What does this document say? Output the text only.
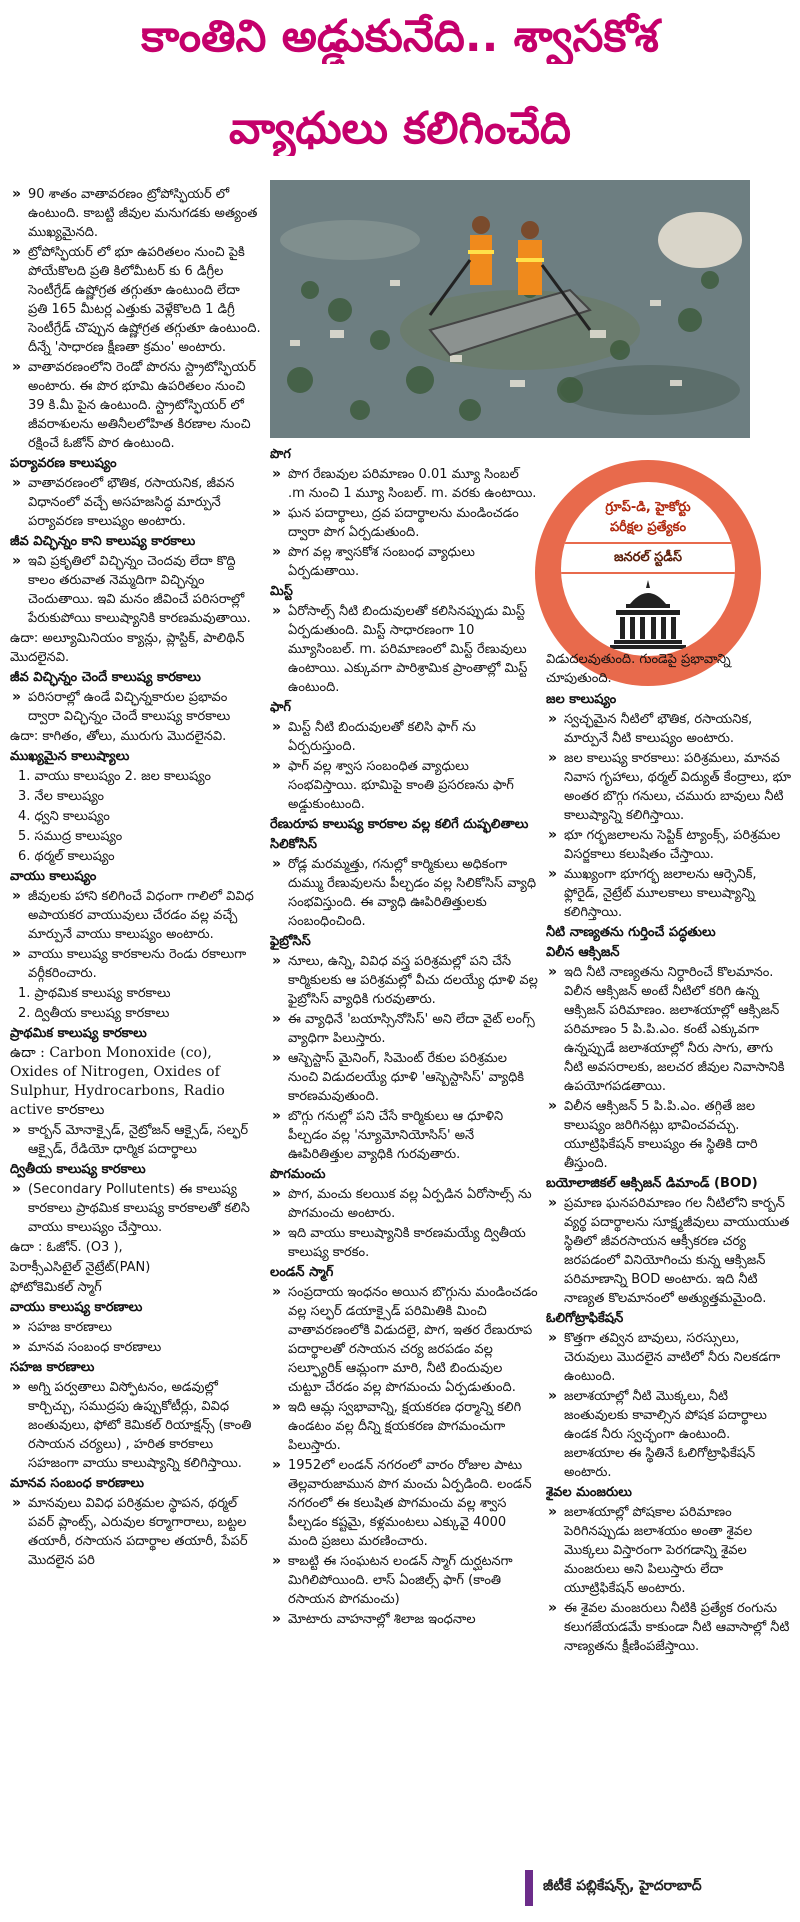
కాంతిని అడ్డుకునేది.. శ్వాసకోశ
వ్యాధులు కలిగించేది
గ్రూప్-డి, హైకోర్టు
పరీక్షల ప్రత్యేకం
జనరల్ స్టడీస్

» 90 శాతం వాతావరణం ట్రోపోస్ఫియర్ లో ఉంటుంది. కాబట్టి జీవుల మనుగడకు అత్యంత ముఖ్యమైనది.

» ట్రోపోస్ఫియర్ లో భూ ఉపరితలం నుంచి పైకి పోయేకొలది ప్రతి కిలోమీటర్ కు 6 డిగ్రీల సెంటీగ్రేడ్ ఉష్ణోగ్రత తగ్గుతూ ఉంటుంది లేదా ప్రతి 165 మీటర్ల ఎత్తుకు వెళ్లేకొలది 1 డిగ్రీ సెంటీగ్రేడ్ చొప్పున ఉష్ణోగ్రత తగ్గుతూ ఉంటుంది. దీన్నే 'సాధారణ క్షీణతా క్రమం' అంటారు.

» వాతావరణంలోని రెండో పొరను స్ట్రాటోస్ఫియర్ అంటారు. ఈ పొర భూమి ఉపరితలం నుంచి 39 కి.మీ పైన ఉంటుంది. స్ట్రాటోస్ఫియర్ లో జీవరాశులను అతినీలలోహిత కిరణాల నుంచి రక్షించే ఓజోన్ పొర ఉంటుంది.

పర్యావరణ కాలుష్యం

» వాతావరణంలో భౌతిక, రసాయనిక, జీవన విధానంలో వచ్చే అసహజసిద్ధ మార్పునే పర్యావరణ కాలుష్యం అంటారు.

జీవ విచ్ఛిన్నం కాని కాలుష్య కారకాలు

» ఇవి ప్రకృతిలో విచ్ఛిన్నం చెందవు లేదా కొద్ది కాలం తరువాత నెమ్మదిగా విచ్ఛిన్నం చెందుతాయి. ఇవి మనం జీవించే పరిసరాల్లో పేరుకుపోయి కాలుష్యానికి కారణమవుతాయి.

ఉదా: అల్యూమినియం క్యాన్లు, ప్లాస్టిక్, పాలిథిన్ మొదలైనవి.

జీవ విచ్ఛిన్నం చెందే కాలుష్య కారకాలు

» పరిసరాల్లో ఉండే విచ్ఛిన్నకారుల ప్రభావం ద్వారా విచ్ఛిన్నం చెందే కాలుష్య కారకాలు

ఉదా: కాగితం, తోలు, మురుగు మొదలైనవి.

ముఖ్యమైన కాలుష్యాలు

1. వాయు కాలుష్యం 2. జల కాలుష్యం

3. నేల కాలుష్యం

4. ధ్వని కాలుష్యం

5. సముద్ర కాలుష్యం

6. థర్మల్ కాలుష్యం

వాయు కాలుష్యం

» జీవులకు హాని కలిగించే విధంగా గాలిలో వివిధ అపాయకర వాయువులు చేరడం వల్ల వచ్చే మార్పునే వాయు కాలుష్యం అంటారు.

» వాయు కాలుష్య కారకాలను రెండు రకాలుగా వర్గీకరించారు.

1. ప్రాథమిక కాలుష్య కారకాలు

2. ద్వితీయ కాలుష్య కారకాలు

ప్రాథమిక కాలుష్య కారకాలు

ఉదా : Carbon Monoxide (co), Oxides of Nitrogen, Oxides of Sulphur, Hydrocarbons, Radio active కారకాలు

» కార్బన్ మోనాక్సైడ్, నైట్రోజన్ ఆక్సైడ్, సల్ఫర్ ఆక్సైడ్, రేడియో ధార్మిక పదార్థాలు

ద్వితీయ కాలుష్య కారకాలు

» (Secondary Pollutents) ఈ కాలుష్య కారకాలు ప్రాథమిక కాలుష్య కారకాలతో కలిసి వాయు కాలుష్యం చేస్తాయి.

ఉదా : ఓజోన్. (O3 ),

పెరాక్సీఎసిటైల్ నైట్రేట్(PAN)

ఫోటోకెమికల్ స్మాగ్

వాయు కాలుష్య కారణాలు

» సహజ కారణాలు

» మానవ సంబంధ కారణాలు

సహజ కారణాలు

» అగ్ని పర్వతాలు విస్ఫోటనం, అడవుల్లో కార్చిచ్చు, సముద్రపు ఉప్పుకోటీర్లు, వివిధ జంతువులు, ఫోటో కెమికల్ రియాక్షన్స్ (కాంతి రసాయన చర్యలు) , హరిత కారకాలు సహజంగా వాయు కాలుష్యాన్ని కలిగిస్తాయి.

మానవ సంబంధ కారణాలు

» మానవులు వివిధ పరిశ్రమల స్థాపన, థర్మల్ పవర్ ప్లాంట్స్, ఎరువుల కర్మాగారాలు, బట్టల తయారీ, రసాయన పదార్థాల తయారీ, పేపర్ మొదలైన పరి

పొగ

» పొగ రేణువుల పరిమాణం 0.01 మ్యూ సింబల్ .m నుంచి 1 మ్యూ సింబల్. m. వరకు ఉంటాయి.

» ఘన పదార్థాలు, ద్రవ పదార్థాలను మండించడం ద్వారా పొగ ఏర్పడుతుంది.

» పొగ వల్ల శ్వాసకోశ సంబంధ వ్యాధులు ఏర్పడుతాయి.

మిస్ట్

» ఏరోసాల్స్ నీటి బిందువులతో కలిసినప్పుడు మిస్ట్ ఏర్పడుతుంది. మిస్ట్ సాధారణంగా 10 మ్యూసింబల్. m. పరిమాణంలో మిస్ట్ రేణువులు ఉంటాయి. ఎక్కువగా పారిశ్రామిక ప్రాంతాల్లో మిస్ట్ ఉంటుంది.

ఫాగ్

» మిస్ట్ నీటి బిందువులతో కలిసి ఫాగ్ ను ఏర్పరుస్తుంది.

» ఫాగ్ వల్ల శ్వాస సంబంధిత వ్యాధులు సంభవిస్తాయి. భూమిపై కాంతి ప్రసరణను ఫాగ్ అడ్డుకుంటుంది.

రేణురూప కాలుష్య కారకాల వల్ల కలిగే దుష్ఫలితాలు

సిలికోసిస్

» రోడ్ల మరమ్మత్తు, గనుల్లో కార్మికులు అధికంగా దుమ్ము రేణువులను పీల్చడం వల్ల సిలికోసిస్ వ్యాధి సంభవిస్తుంది. ఈ వ్యాధి ఊపిరితిత్తులకు సంబంధించింది.

ఫైబ్రోసిస్

» నూలు, ఉన్ని, వివిధ వస్త్ర పరిశ్రమల్లో పని చేసే కార్మికులకు ఆ పరిశ్రమల్లో వీచు దలయ్యే ధూళి వల్ల ఫైబ్రోసిస్ వ్యాధికి గురవుతారు.

» ఈ వ్యాధినే 'బయాస్సినోసిస్' అని లేదా వైట్ లంగ్స్ వ్యాధిగా పిలుస్తారు.

» ఆస్బెస్టాస్ మైనింగ్, సిమెంట్ రేకుల పరిశ్రమల నుంచి విడుదలయ్యే ధూళి 'ఆస్బెస్టాసిస్' వ్యాధికి కారణమవుతుంది.

» బొగ్గు గనుల్లో పని చేసే కార్మికులు ఆ ధూళిని పీల్చడం వల్ల 'న్యూమోనియోసిస్' అనే ఊపిరితిత్తుల వ్యాధికి గురవుతారు.

పొగమంచు

» పొగ, మంచు కలయిక వల్ల ఏర్పడిన ఏరోసాల్స్ ను పొగమంచు అంటారు.

» ఇది వాయు కాలుష్యానికి కారణమయ్యే ద్వితీయ కాలుష్య కారకం.

లండన్ స్మాగ్

» సంప్రదాయ ఇంధనం అయిన బొగ్గును మండించడం వల్ల సల్ఫర్ డయాక్సైడ్ పరిమితికి మించి వాతావరణంలోకి విడుదలై, పొగ, ఇతర రేణురూప పదార్థాలతో రసాయన చర్య జరపడం వల్ల సల్ఫ్యూరిక్ ఆమ్లంగా మారి, నీటి బిందువుల చుట్టూ చేరడం వల్ల పొగమంచు ఏర్పడుతుంది.

» ఇది ఆమ్ల స్వభావాన్ని, క్షయకరణ ధర్మాన్ని కలిగి ఉండటం వల్ల దీన్ని క్షయకరణ పొగమంచుగా పిలుస్తారు.

» 1952లో లండన్ నగరంలో వారం రోజుల పాటు తెల్లవారుజామున పొగ మంచు ఏర్పడింది. లండన్ నగరంలో ఈ కలుషిత పొగమంచు వల్ల శ్వాస పీల్చడం కష్టమై, కళ్లమంటలు ఎక్కువై 4000 మంది ప్రజలు మరణించారు.

» కాబట్టి ఈ సంఘటన లండన్ స్మాగ్ దుర్ఘటనగా మిగిలిపోయింది. లాస్ ఏంజిల్స్ ఫాగ్ (కాంతి రసాయన పొగమంచు)

» మోటారు వాహనాల్లో శిలాజ ఇంధనాల

విడుదలవుతుంది. గుండెపై ప్రభావాన్ని చూపుతుంది.

జల కాలుష్యం

» స్వచ్ఛమైన నీటిలో భౌతిక, రసాయనిక, మార్పునే నీటి కాలుష్యం అంటారు.

» జల కాలుష్య కారకాలు: పరిశ్రమలు, మానవ నివాస గృహాలు, థర్మల్ విద్యుత్ కేంద్రాలు, భూ అంతర బొగ్గు గనులు, చమురు బావులు నీటి కాలుష్యాన్ని కలిగిస్తాయి.

» భూ గర్భజలాలను సెప్టిక్ ట్యాంక్స్, పరిశ్రమల విసర్జకాలు కలుషితం చేస్తాయి.

» ముఖ్యంగా భూగర్భ జలాలను ఆర్సెనిక్, ఫ్లోరైడ్, నైట్రేట్ మూలకాలు కాలుష్యాన్ని కలిగిస్తాయి.

నీటి నాణ్యతను గుర్తించే పద్ధతులు

విలీన ఆక్సిజన్

» ఇది నీటి నాణ్యతను నిర్ధారించే కొలమానం. విలీన ఆక్సిజన్ అంటే నీటిలో కరిగి ఉన్న ఆక్సిజన్ పరిమాణం. జలాశయాల్లో ఆక్సిజన్ పరిమాణం 5 పి.పి.ఎం. కంటే ఎక్కువగా ఉన్నప్పుడే జలాశయాల్లో నీరు సాగు, తాగు నీటి అవసరాలకు, జలచర జీవుల నివాసానికి ఉపయోగపడతాయి.

» విలీన ఆక్సిజన్ 5 పి.పి.ఎం. తగ్గితే జల కాలుష్యం జరిగినట్లు భావించవచ్చు. యూట్రిఫికేషన్ కాలుష్యం ఈ స్థితికి దారి తీస్తుంది.

బయోలాజికల్ ఆక్సిజన్ డిమాండ్ (BOD)

» ప్రమాణ ఘనపరిమాణం గల నీటిలోని కార్బన్ వ్యర్థ పదార్థాలను సూక్ష్మజీవులు వాయుయుత స్థితిలో జీవరసాయన ఆక్సీకరణ చర్య జరపడంలో వినియోగించు కున్న ఆక్సిజన్ పరిమాణాన్ని BOD అంటారు. ఇది నీటి నాణ్యత కొలమానంలో అత్యుత్తమమైంది.

ఓలిగోట్రాఫికేషన్

» కొత్తగా తవ్విన బావులు, సరస్సులు, చెరువులు మొదలైన వాటిలో నీరు నిలకడగా ఉంటుంది.

» జలాశయాల్లో నీటి మొక్కలు, నీటి జంతువులకు కావాల్సిన పోషక పదార్థాలు ఉండక నీరు స్వచ్ఛంగా ఉంటుంది. జలాశయాల ఈ స్థితినే ఓలిగోట్రాఫికేషన్ అంటారు.

శైవల మంజరులు

» జలాశయాల్లో పోషకాల పరిమాణం పెరిగినప్పుడు జలాశయం అంతా శైవల మొక్కలు విస్తారంగా పెరగడాన్ని శైవల మంజరులు అని పిలుస్తారు లేదా యూట్రిఫికేషన్ అంటారు.

» ఈ శైవల మంజరులు నీటికి ప్రత్యేక రంగును కలుగజేయడమే కాకుండా నీటి ఆవాసాల్లో నీటి నాణ్యతను క్షీణింపజేస్తాయి.

జీటీకే పబ్లికేషన్స్, హైదరాబాద్
